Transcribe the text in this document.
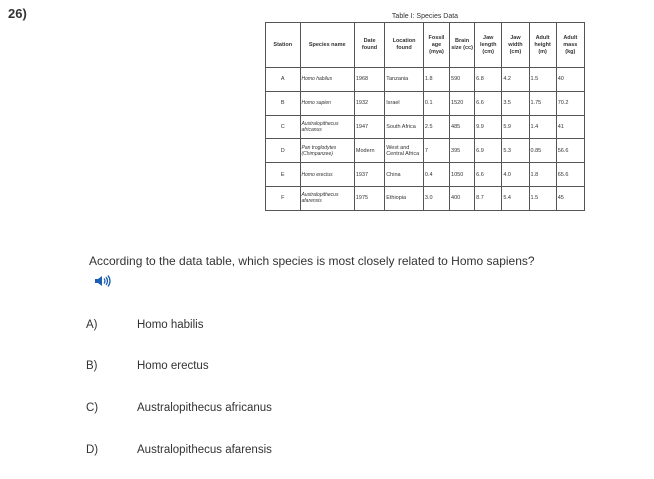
26)	Table I: Species Data
Station	Species name	Date found	Location found	Fossil age (mya)	Brain size (cc)	Jaw length (cm)	Jaw width (cm)	Adult height (m)	Adult mass (kg)
A	Homo habilus	1968	Tanzania	1.8	590	6.8	4.2	1.5	40
B	Homo sapien	1932	Israel	0.1	1520	6.6	3.5	1.75	70.2
C	Australopithecus africanus	1947	South Africa	2.5	485	9.9	5.9	1.4	41
D	Pan troglodytes (Chimpanzee)	Modern	West and Central Africa	7	395	6.9	5.3	0.85	56.6
E	Homo erectus	1937	China	0.4	1050	6.6	4.0	1.8	65.6
F	Australopithecus afarensis	1975	Ethiopia	3.0	400	8.7	5.4	1.5	45
According to the data table, which species is most closely related to Homo sapiens?
A)	Homo habilis
B)	Homo erectus
C)	Australopithecus africanus
D)	Australopithecus afarensis
